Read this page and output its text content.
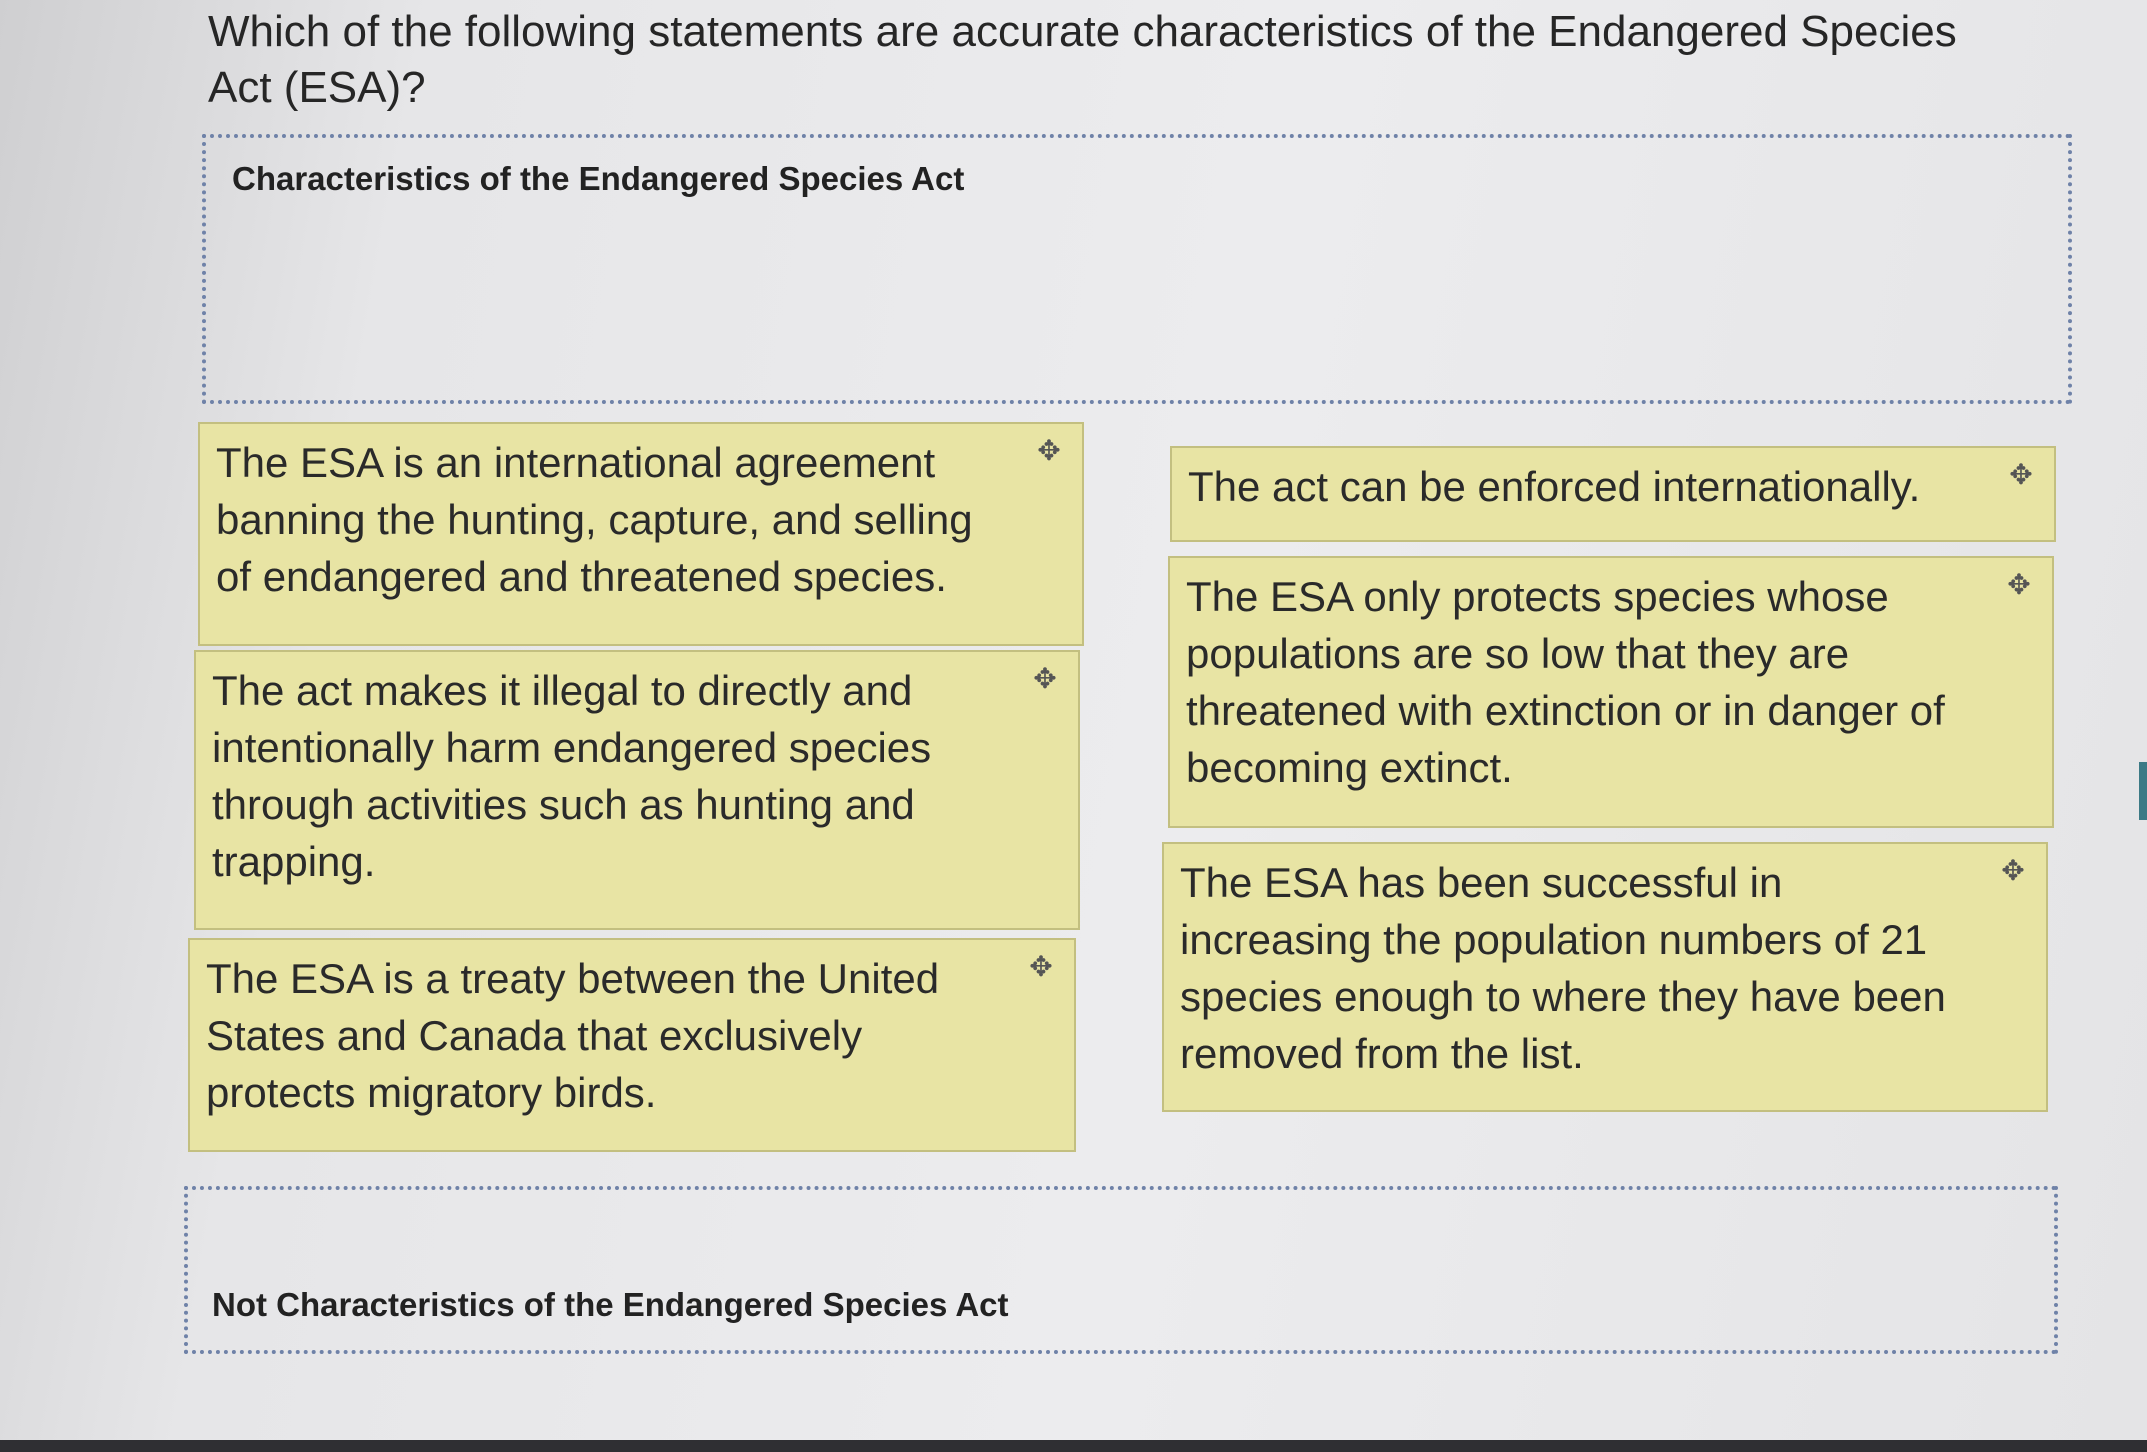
Which of the following statements are accurate characteristics of the Endangered Species Act (ESA)?
Characteristics of the Endangered Species Act
The ESA is an international agreement banning the hunting, capture, and selling of endangered and threatened species.
✥
The act makes it illegal to directly and intentionally harm endangered species through activities such as hunting and trapping.
✥
The ESA is a treaty between the United States and Canada that exclusively protects migratory birds.
✥
The act can be enforced internationally.	✥
The ESA only protects species whose populations are so low that they are threatened with extinction or in danger of becoming extinct.
✥
The ESA has been successful in increasing the population numbers of 21 species enough to where they have been removed from the list.
✥
Not Characteristics of the Endangered Species Act
